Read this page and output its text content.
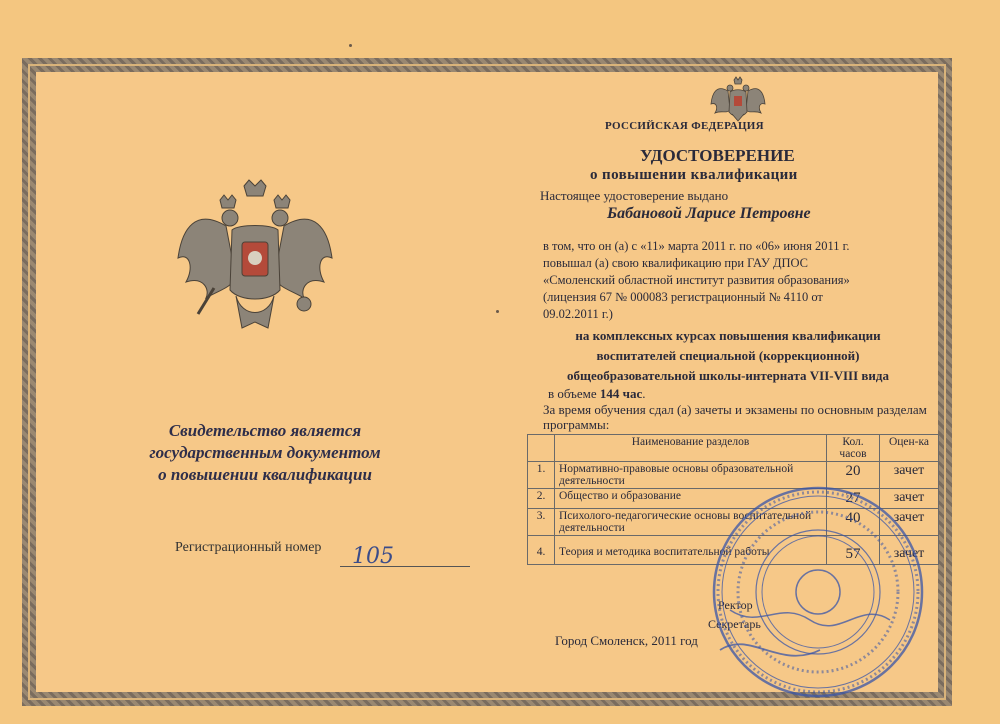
Свидетельство является
государственным документом
о повышении квалификации
Регистрационный номер 105
РОССИЙСКАЯ ФЕДЕРАЦИЯ
УДОСТОВЕРЕНИЕ
о повышении квалификации
Настоящее удостоверение выдано
Бабановой Ларисе Петровне
в том, что он (а) с «11» марта 2011 г. по «06» июня 2011 г.
повышал (а) свою квалификацию при ГАУ ДПОС
«Смоленский областной институт развития образования»
(лицензия 67 № 000083 регистрационный № 4110 от
09.02.2011 г.)
на комплексных курсах повышения квалификации
воспитателей специальной (коррекционной)
общеобразовательной школы-интерната VII-VIII вида
в объеме 144 час.
За время обучения сдал (а) зачеты и экзамены по основным разделам программы:
	Наименование разделов	Кол. часов	Оцен-ка
1.	Нормативно-правовые основы образовательной деятельности	20	зачет
2.	Общество и образование	27	зачет
3.	Психолого-педагогические основы воспитательной деятельности	40	зачет
4.	Теория и методика воспитательной работы	57	зачет
Ректор
Секретарь
Город Смоленск, 2011 год
